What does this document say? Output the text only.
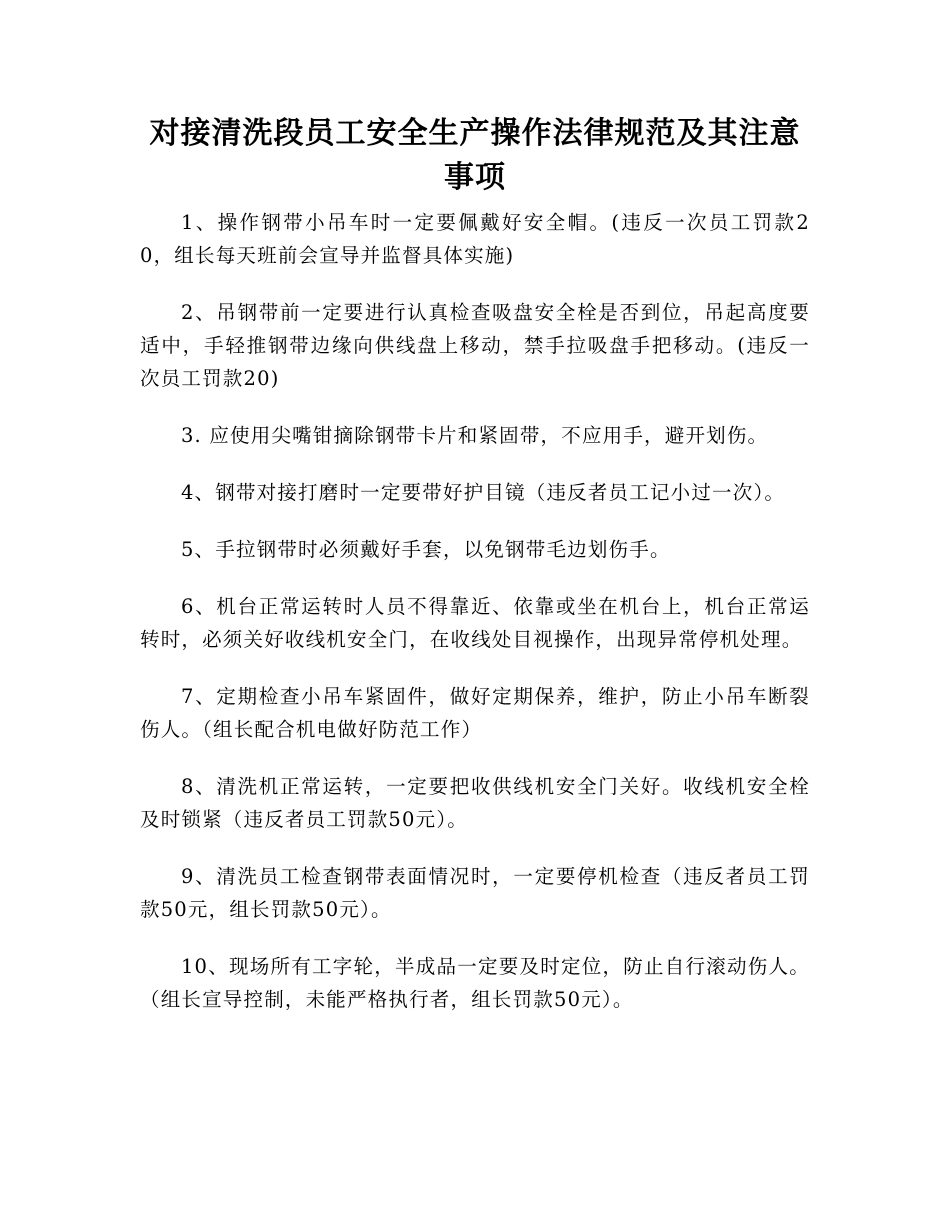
对接清洗段员工安全生产操作法律规范及其注意事项

1、操作钢带小吊车时一定要佩戴好安全帽。(违反一次员工罚款20，组长每天班前会宣导并监督具体实施)

2、吊钢带前一定要进行认真检查吸盘安全栓是否到位，吊起高度要适中，手轻推钢带边缘向供线盘上移动，禁手拉吸盘手把移动。(违反一次员工罚款20)

3. 应使用尖嘴钳摘除钢带卡片和紧固带，不应用手，避开划伤。

4、钢带对接打磨时一定要带好护目镜（违反者员工记小过一次）。

5、手拉钢带时必须戴好手套，以免钢带毛边划伤手。

6、机台正常运转时人员不得靠近、依靠或坐在机台上，机台正常运转时，必须关好收线机安全门，在收线处目视操作，出现异常停机处理。

7、定期检查小吊车紧固件，做好定期保养，维护，防止小吊车断裂伤人。（组长配合机电做好防范工作）

8、清洗机正常运转，一定要把收供线机安全门关好。收线机安全栓及时锁紧（违反者员工罚款50元）。

9、清洗员工检查钢带表面情况时，一定要停机检查（违反者员工罚款50元，组长罚款50元）。

10、现场所有工字轮，半成品一定要及时定位，防止自行滚动伤人。（组长宣导控制，未能严格执行者，组长罚款50元）。
